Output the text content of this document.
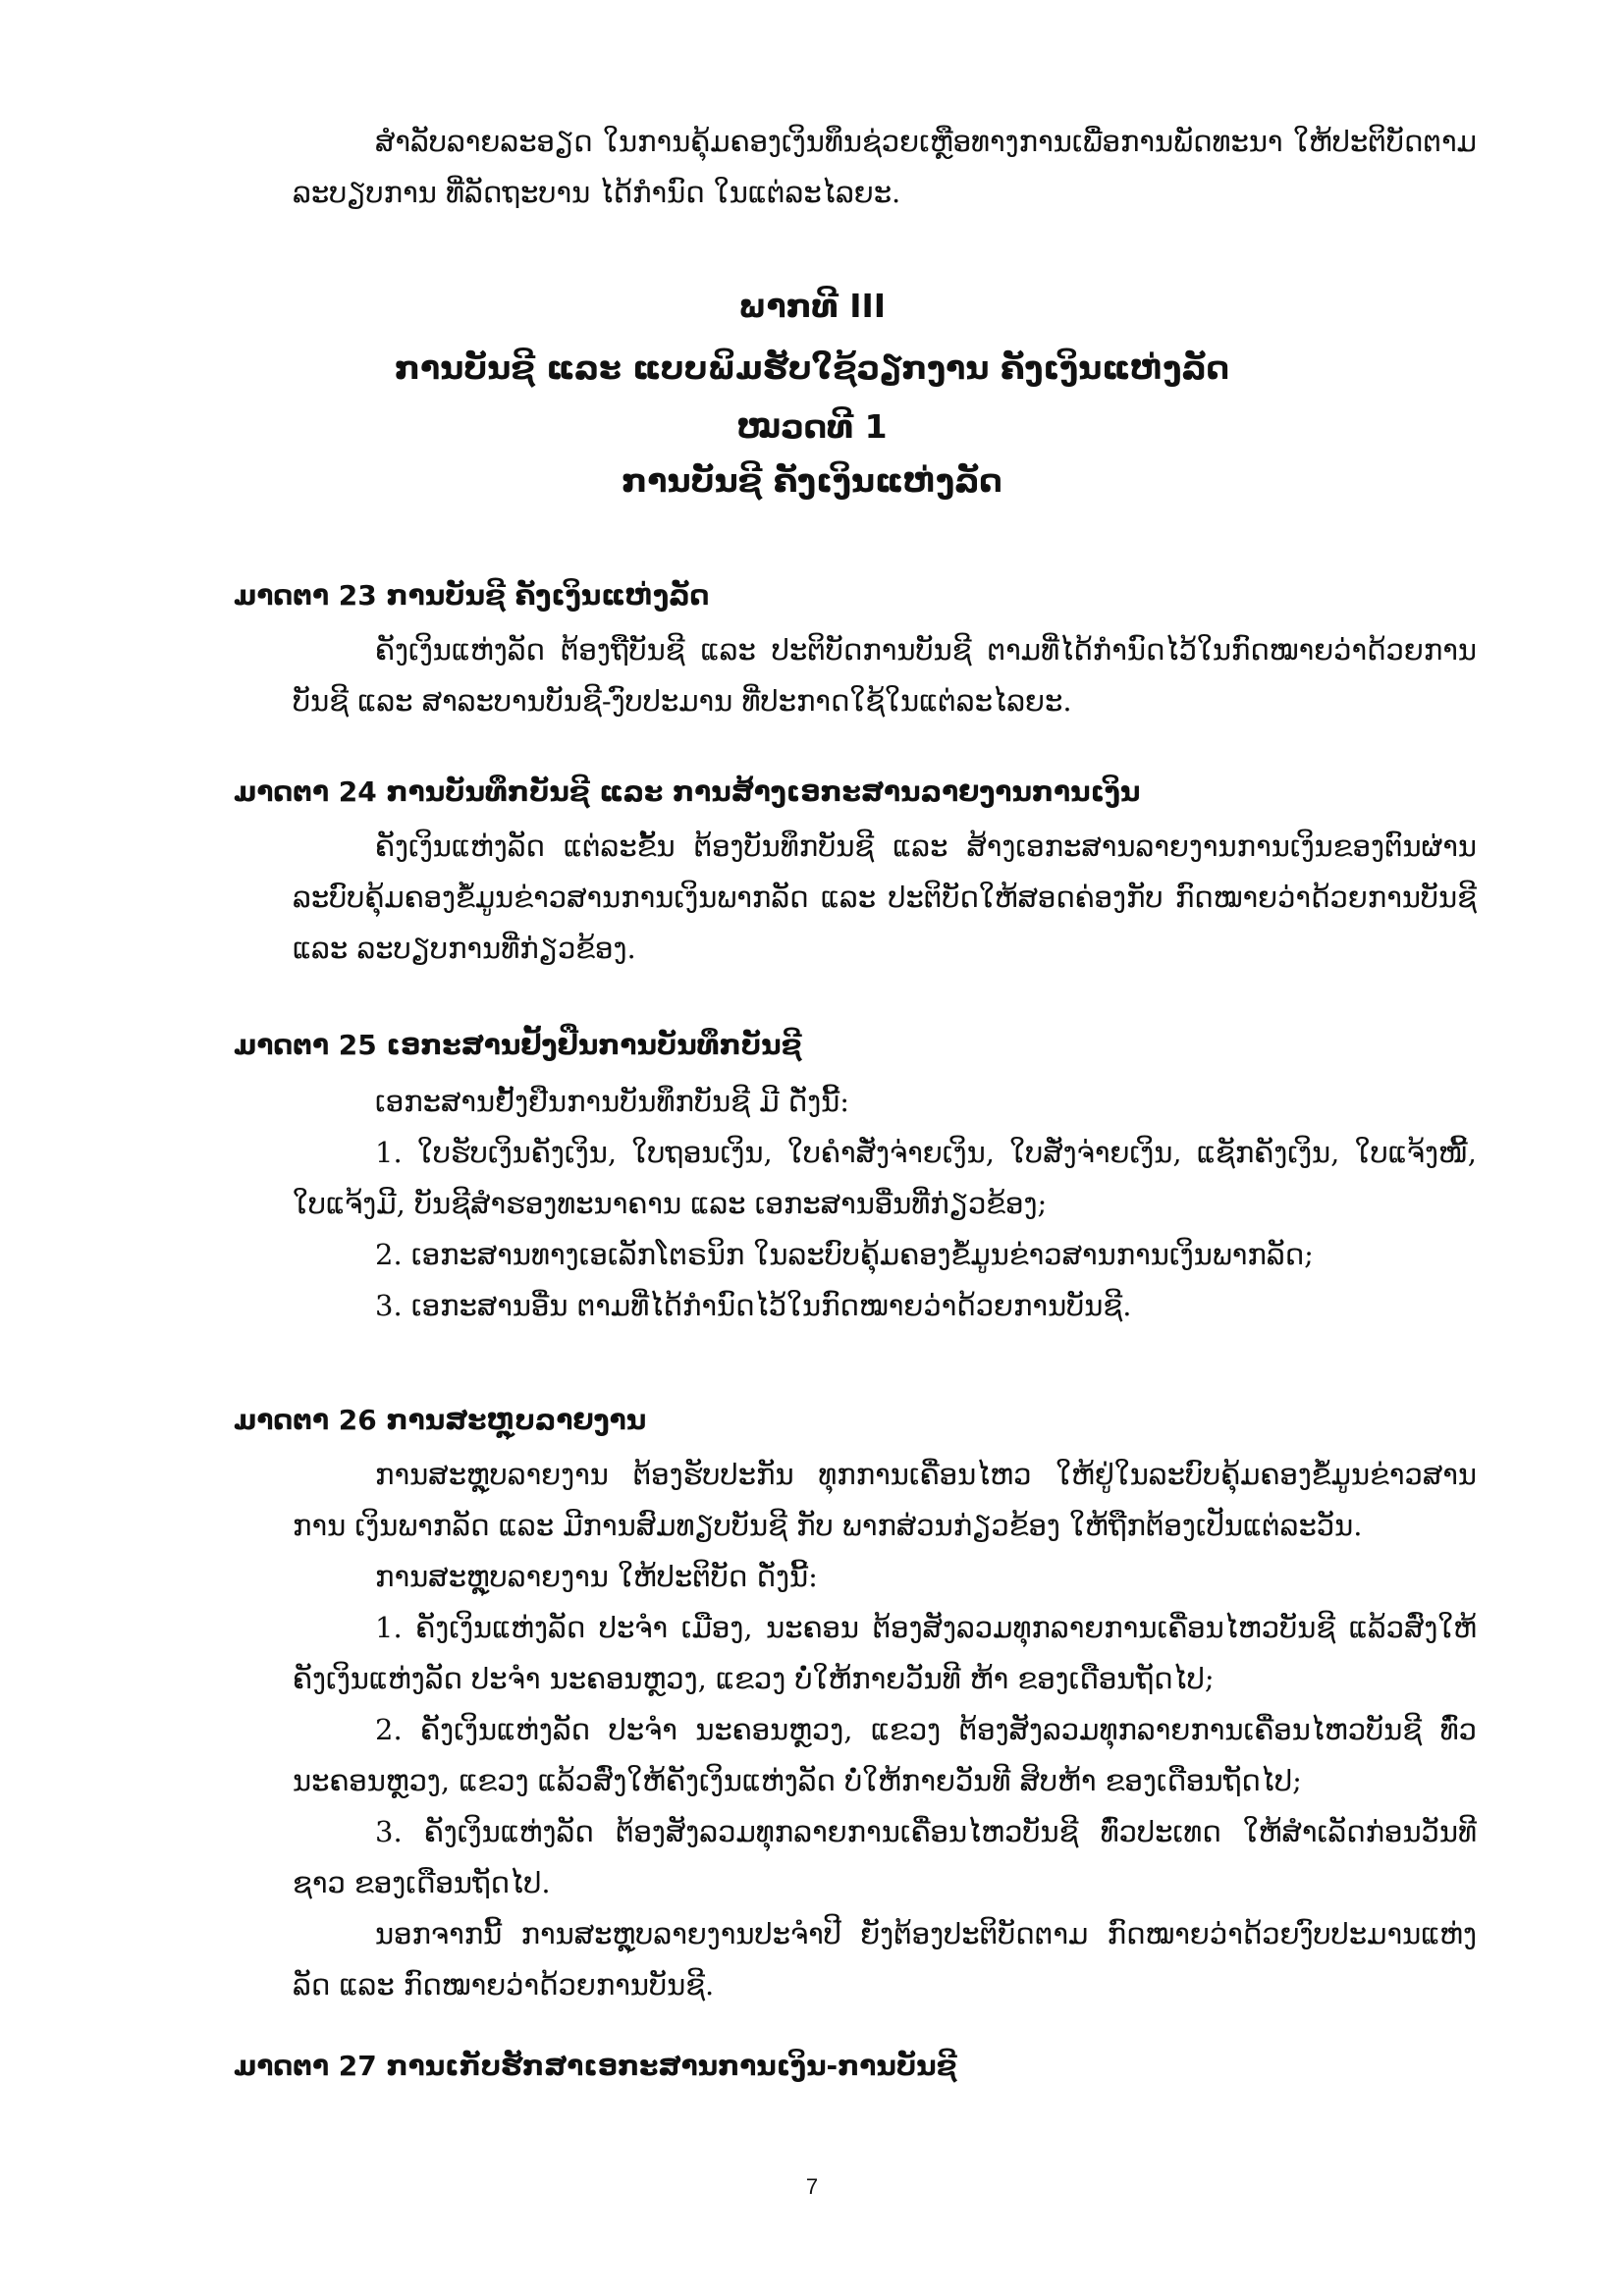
ສຳລັບລາຍລະອຽດ ໃນການຄຸ້ມຄອງເງິນທຶນຊ່ວຍເຫຼືອທາງການເພື່ອການພັດທະນາ ໃຫ້ປະຕິບັດຕາມ ລະບຽບການ ທີ່ລັດຖະບານ ໄດ້ກຳນົດ ໃນແຕ່ລະໄລຍະ.

ພາກທີ III
ການບັນຊີ ແລະ ແບບພິມຮັບໃຊ້ວຽກງານ ຄັງເງິນແຫ່ງລັດ
ໝວດທີ 1
ການບັນຊີ ຄັງເງິນແຫ່ງລັດ
ມາດຕາ 23 ການບັນຊີ ຄັງເງິນແຫ່ງລັດ

ຄັງເງິນແຫ່ງລັດ ຕ້ອງຖືບັນຊີ ແລະ ປະຕິບັດການບັນຊີ ຕາມທີ່ໄດ້ກຳນົດໄວ້ໃນກົດໝາຍວ່າດ້ວຍການ ບັນຊີ ແລະ ສາລະບານບັນຊີ-ງົບປະມານ ທີ່ປະກາດໃຊ້ໃນແຕ່ລະໄລຍະ.

ມາດຕາ 24 ການບັນທຶກບັນຊີ ແລະ ການສ້າງເອກະສານລາຍງານການເງິນ

ຄັງເງິນແຫ່ງລັດ ແຕ່ລະຂັ້ນ ຕ້ອງບັນທຶກບັນຊີ ແລະ ສ້າງເອກະສານລາຍງານການເງິນຂອງຕົນຜ່ານ ລະບົບຄຸ້ມຄອງຂໍ້ມູນຂ່າວສານການເງິນພາກລັດ ແລະ ປະຕິບັດໃຫ້ສອດຄ່ອງກັບ ກົດໝາຍວ່າດ້ວຍການບັນຊີ ແລະ ລະບຽບການທີ່ກ່ຽວຂ້ອງ.

ມາດຕາ 25 ເອກະສານຢັ້ງຢືນການບັນທຶກບັນຊີ

ເອກະສານຢັ້ງຢືນການບັນທຶກບັນຊີ ມີ ດັ່ງນີ້:

1. ໃບຮັບເງິນຄັງເງິນ, ໃບຖອນເງິນ, ໃບຄຳສັ່ງຈ່າຍເງິນ, ໃບສັ່ງຈ່າຍເງິນ, ແຊັກຄັງເງິນ, ໃບແຈ້ງໜີ້, ໃບແຈ້ງມີ, ບັນຊີສຳຮອງທະນາຄານ ແລະ ເອກະສານອື່ນທີ່ກ່ຽວຂ້ອງ;

2. ເອກະສານທາງເອເລັກໂຕຣນິກ ໃນລະບົບຄຸ້ມຄອງຂໍ້ມູນຂ່າວສານການເງິນພາກລັດ;

3. ເອກະສານອື່ນ ຕາມທີ່ໄດ້ກຳນົດໄວ້ໃນກົດໝາຍວ່າດ້ວຍການບັນຊີ.

ມາດຕາ 26 ການສະຫຼຸບລາຍງານ

ການສະຫຼຸບລາຍງານ ຕ້ອງຮັບປະກັນ ທຸກການເຄື່ອນໄຫວ ໃຫ້ຢູ່ໃນລະບົບຄຸ້ມຄອງຂໍ້ມູນຂ່າວສານການ ເງິນພາກລັດ ແລະ ມີການສົມທຽບບັນຊີ ກັບ ພາກສ່ວນກ່ຽວຂ້ອງ ໃຫ້ຖືກຕ້ອງເປັນແຕ່ລະວັນ.

ການສະຫຼຸບລາຍງານ ໃຫ້ປະຕິບັດ ດັ່ງນີ້:

1. ຄັງເງິນແຫ່ງລັດ ປະຈຳ ເມືອງ, ນະຄອນ ຕ້ອງສັງລວມທຸກລາຍການເຄື່ອນໄຫວບັນຊີ ແລ້ວສົ່ງໃຫ້ ຄັງເງິນແຫ່ງລັດ ປະຈຳ ນະຄອນຫຼວງ, ແຂວງ ບໍ່ໃຫ້ກາຍວັນທີ ຫ້າ ຂອງເດືອນຖັດໄປ;

2. ຄັງເງິນແຫ່ງລັດ ປະຈຳ ນະຄອນຫຼວງ, ແຂວງ ຕ້ອງສັງລວມທຸກລາຍການເຄື່ອນໄຫວບັນຊີ ທົ່ວ ນະຄອນຫຼວງ, ແຂວງ ແລ້ວສົ່ງໃຫ້ຄັງເງິນແຫ່ງລັດ ບໍ່ໃຫ້ກາຍວັນທີ ສິບຫ້າ ຂອງເດືອນຖັດໄປ;

3. ຄັງເງິນແຫ່ງລັດ ຕ້ອງສັງລວມທຸກລາຍການເຄື່ອນໄຫວບັນຊີ ທົ່ວປະເທດ ໃຫ້ສຳເລັດກ່ອນວັນທີ ຊາວ ຂອງເດືອນຖັດໄປ.

ນອກຈາກນີ້ ການສະຫຼຸບລາຍງານປະຈຳປີ ຍັງຕ້ອງປະຕິບັດຕາມ ກົດໝາຍວ່າດ້ວຍງົບປະມານແຫ່ງລັດ ແລະ ກົດໝາຍວ່າດ້ວຍການບັນຊີ.

ມາດຕາ 27 ການເກັບຮັກສາເອກະສານການເງິນ-ການບັນຊີ
7
